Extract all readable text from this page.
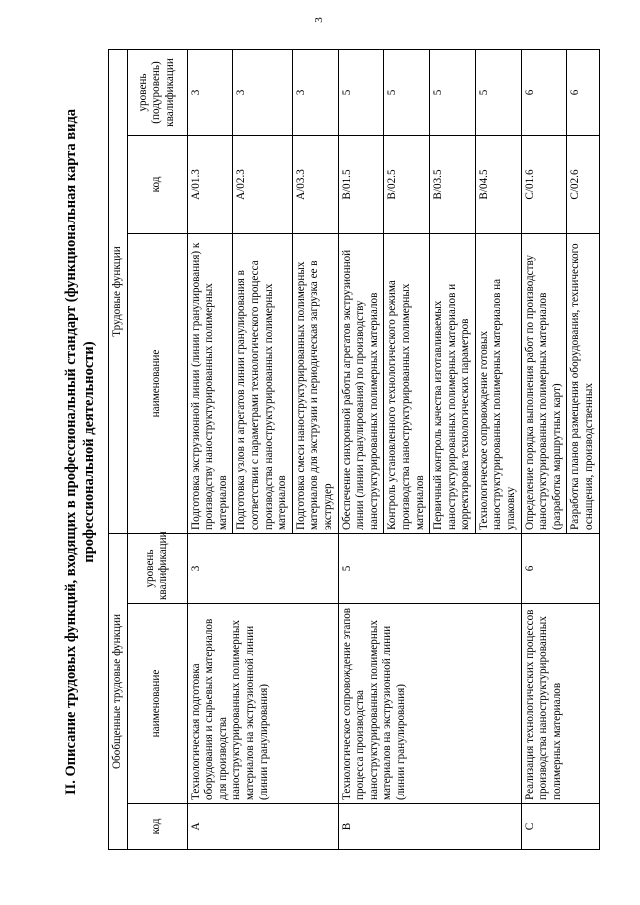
3
II. Описание трудовых функций, входящих в профессиональный стандарт (функциональная карта вида профессиональной деятельности)
Обобщенные трудовые функции			Трудовые функции		
код	наименование	уровень квалификации	наименование	код	уровень (подуровень) квалификации
A	Технологическая подготовка оборудования и сырьевых материалов для производства наноструктурированных полимерных материалов на экструзионной линии (линии гранулирования)	3	Подготовка экструзионной линии (линии гранулирования) к производству наноструктурированных полимерных материалов	A/01.3	3
			Подготовка узлов и агрегатов линии гранулирования в соответствии с параметрами технологического процесса производства наноструктурированных полимерных материалов	A/02.3	3
			Подготовка смеси наноструктурированных полимерных материалов для экструзии и периодическая загрузка ее в экструдер	A/03.3	3
B	Технологическое сопровождение этапов процесса производства наноструктурированных полимерных материалов на экструзионной линии (линии гранулирования)	5	Обеспечение синхронной работы агрегатов экструзионной линии (линии гранулирования) по производству наноструктурированных полимерных материалов	B/01.5	5
			Контроль установленного технологического режима производства наноструктурированных полимерных материалов	B/02.5	5
			Первичный контроль качества изготавливаемых наноструктурированных полимерных материалов и корректировка технологических параметров	B/03.5	5
			Технологическое сопровождение готовых наноструктурированных полимерных материалов на упаковку	B/04.5	5
C	Реализация технологических процессов производства наноструктурированных полимерных материалов	6	Определение порядка выполнения работ по производству наноструктурированных полимерных материалов (разработка маршрутных карт)	C/01.6	6
			Разработка планов размещения оборудования, технического оснащения, производственных	C/02.6	6
